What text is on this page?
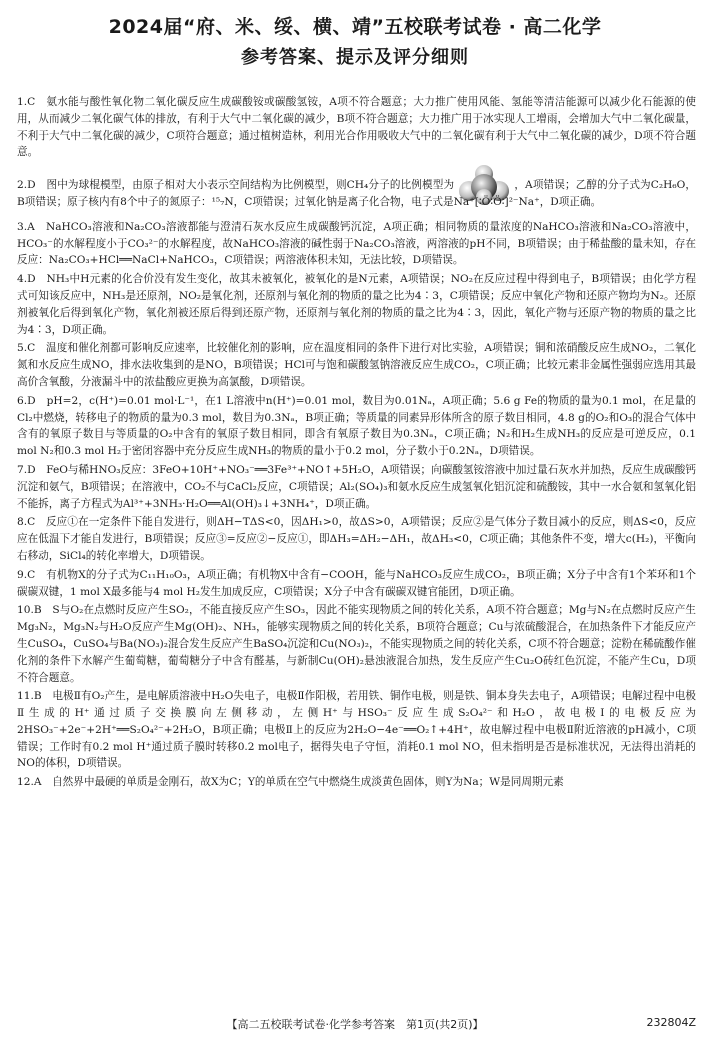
2024届“府、米、绥、横、靖”五校联考试卷 · 高二化学
参考答案、提示及评分细则

1.C　 氨水能与酸性氧化物二氧化碳反应生成碳酸铵或碳酸氢铵，A项不符合题意；大力推广使用风能、氢能等清洁能源可以减少化石能源的使用，从而减少二氧化碳气体的排放，有利于大气中二氧化碳的减少，B项不符合题意；大力推广用于冰实现人工增雨，会增加大气中二氧化碳量，不利于大气中二氧化碳的减少，C项符合题意；通过植树造林，利用光合作用吸收大气中的二氧化碳有利于大气中二氧化碳的减少，D项不符合题意。

2.D　 图中为球棍模型，由原子相对大小表示空间结构为比例模型，则CH₄分子的比例模型为	，A项错误；乙醇的分子式为C₂H₆O，B项错误；原子核内有8个中子的氮原子：¹⁵₇N，C项错误；过氧化钠是离子化合物，电子式是Na⁺[∶Ö∶Ö∶]²⁻Na⁺，D项正确。

3.A　 NaHCO₃溶液和Na₂CO₃溶液都能与澄清石灰水反应生成碳酸钙沉淀，A项正确；相同物质的量浓度的NaHCO₃溶液和Na₂CO₃溶液中，HCO₃⁻的水解程度小于CO₃²⁻的水解程度，故NaHCO₃溶液的碱性弱于Na₂CO₃溶液，两溶液的pH不同，B项错误；由于稀盐酸的量未知，存在反应：Na₂CO₃+HCl══NaCl+NaHCO₃，C项错误；两溶液体积未知，无法比较，D项错误。

4.D　 NH₃中H元素的化合价没有发生变化，故其未被氧化，被氧化的是N元素，A项错误；NO₂在反应过程中得到电子，B项错误；由化学方程式可知该反应中，NH₃是还原剂，NO₂是氧化剂，还原剂与氧化剂的物质的量之比为4∶3，C项错误；反应中氧化产物和还原产物均为N₂。还原剂被氧化后得到氧化产物，氧化剂被还原后得到还原产物，还原剂与氧化剂的物质的量之比为4∶3，因此，氧化产物与还原产物的物质的量之比为4∶3，D项正确。

5.C　 温度和催化剂都可影响反应速率，比较催化剂的影响，应在温度相同的条件下进行对比实验，A项错误；铜和浓硝酸反应生成NO₂，二氧化氮和水反应生成NO，排水法收集到的是NO，B项错误；HCl可与饱和碳酸氢钠溶液反应生成CO₂，C项正确；比较元素非金属性强弱应选用其最高价含氧酸，分液漏斗中的浓盐酸应更换为高氯酸，D项错误。

6.D　 pH=2，c(H⁺)=0.01 mol·L⁻¹，在1 L溶液中n(H⁺)=0.01 mol，数目为0.01Nₐ，A项正确；5.6 g Fe的物质的量为0.1 mol，在足量的Cl₂中燃烧，转移电子的物质的量为0.3 mol，数目为0.3Nₐ，B项正确；等质量的同素异形体所含的原子数目相同，4.8 g的O₂和O₃的混合气体中含有的氧原子数目与等质量的O₂中含有的氧原子数目相同，即含有氧原子数目为0.3Nₐ，C项正确；N₂和H₂生成NH₃的反应是可逆反应，0.1 mol N₂和0.3 mol H₂于密闭容器中充分反应生成NH₃的物质的量小于0.2 mol，分子数小于0.2Nₐ，D项错误。

7.D　 FeO与稀HNO₃反应：3FeO+10H⁺+NO₃⁻══3Fe³⁺+NO↑+5H₂O，A项错误；向碳酸氢铵溶液中加过量石灰水并加热，反应生成碳酸钙沉淀和氨气，B项错误；在溶液中，CO₂不与CaCl₂反应，C项错误；Al₂(SO₄)₃和氨水反应生成氢氧化铝沉淀和硫酸铵，其中一水合氨和氢氧化铝不能拆，离子方程式为Al³⁺+3NH₃·H₂O══Al(OH)₃↓+3NH₄⁺，D项正确。

8.C　 反应①在一定条件下能自发进行，则ΔH−TΔS<0，因ΔH₁>0，故ΔS>0，A项错误；反应②是气体分子数目减小的反应，则ΔS<0，反应应在低温下才能自发进行，B项错误；反应③=反应②−反应①，即ΔH₃=ΔH₂−ΔH₁，故ΔH₃<0，C项正确；其他条件不变，增大c(H₂)，平衡向右移动，SiCl₄的转化率增大，D项错误。

9.C　 有机物X的分子式为C₁₁H₁₀O₃，A项正确；有机物X中含有−COOH，能与NaHCO₃反应生成CO₂，B项正确；X分子中含有1个苯环和1个碳碳双键，1 mol X最多能与4 mol H₂发生加成反应，C项错误；X分子中含有碳碳双键官能团，D项正确。

10.B　 S与O₂在点燃时反应产生SO₂，不能直接反应产生SO₃，因此不能实现物质之间的转化关系，A项不符合题意；Mg与N₂在点燃时反应产生Mg₃N₂，Mg₃N₂与H₂O反应产生Mg(OH)₂、NH₃，能够实现物质之间的转化关系，B项符合题意；Cu与浓硫酸混合，在加热条件下才能反应产生CuSO₄，CuSO₄与Ba(NO₃)₂混合发生反应产生BaSO₄沉淀和Cu(NO₃)₂，不能实现物质之间的转化关系，C项不符合题意；淀粉在稀硫酸作催化剂的条件下水解产生葡萄糖，葡萄糖分子中含有醛基，与新制Cu(OH)₂悬浊液混合加热，发生反应产生Cu₂O砖红色沉淀，不能产生Cu，D项不符合题意。

11.B　 电极Ⅱ有O₂产生，是电解质溶液中H₂O失电子，电极Ⅱ作阳极，若用铁、铜作电极，则是铁、铜本身失去电子，A项错误；电解过程中电极Ⅱ生成的H⁺通过质子交换膜向左侧移动，左侧H⁺与HSO₃⁻反应生成S₂O₄²⁻和H₂O，故电极Ⅰ的电极反应为2HSO₃⁻+2e⁻+2H⁺══S₂O₄²⁻+2H₂O，B项正确；电极Ⅱ上的反应为2H₂O−4e⁻══O₂↑+4H⁺，故电解过程中电极Ⅱ附近溶液的pH减小，C项错误；工作时有0.2 mol H⁺通过质子膜时转移0.2 mol电子，据得失电子守恒，消耗0.1 mol NO，但未指明是否是标准状况，无法得出消耗的NO的体积，D项错误。

12.A　 自然界中最硬的单质是金刚石，故X为C；Y的单质在空气中燃烧生成淡黄色固体，则Y为Na；W是同周期元素

【高二五校联考试卷·化学参考答案　第1页(共2页)】	232804Z
